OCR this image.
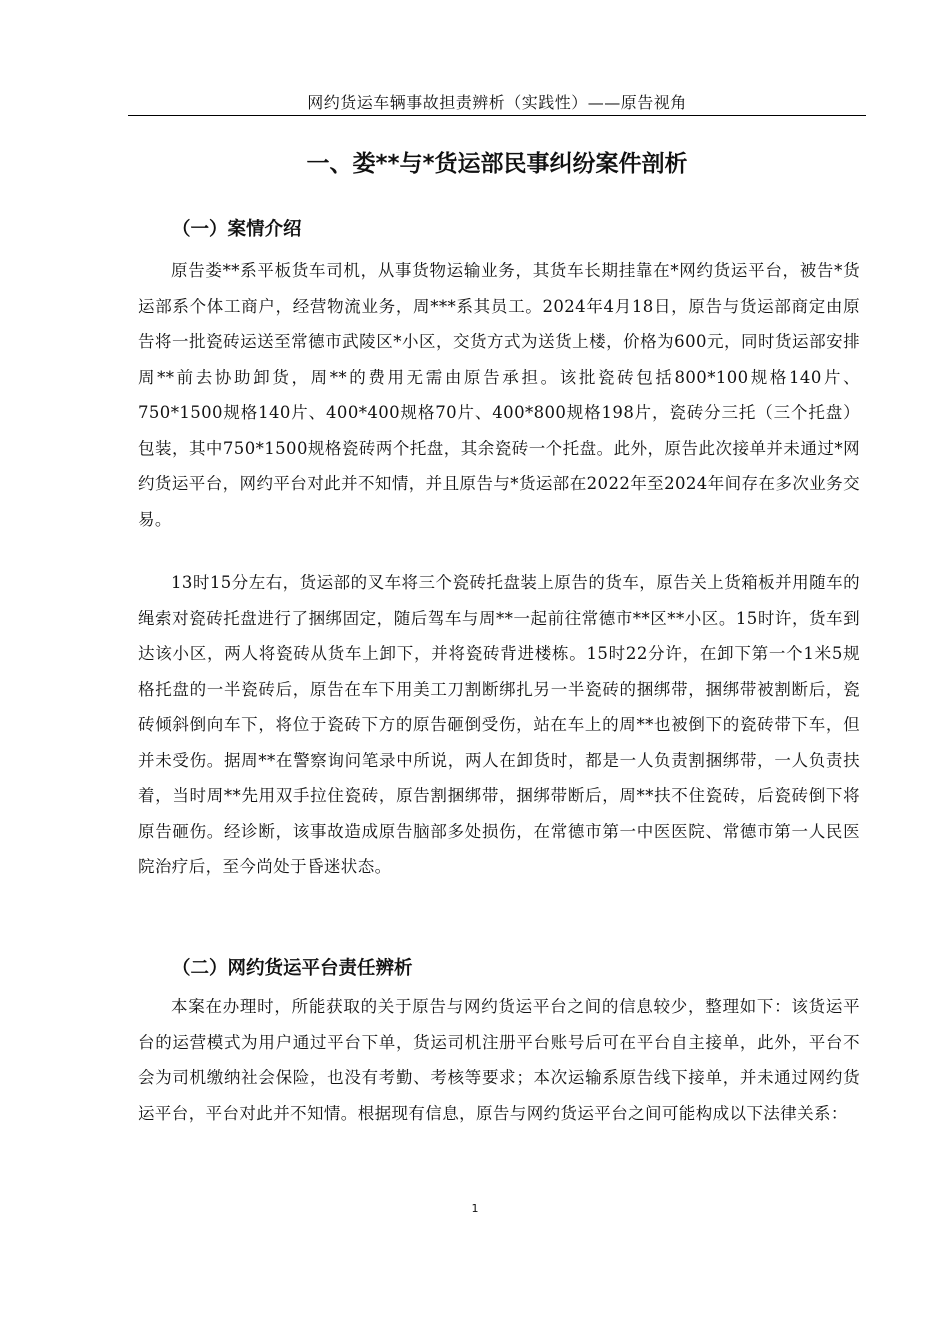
网约货运车辆事故担责辨析（实践性）——原告视角
一、娄**与*货运部民事纠纷案件剖析
（一）案情介绍

原告娄**系平板货车司机，从事货物运输业务，其货车长期挂靠在*网约货运平台，被告*货运部系个体工商户，经营物流业务，周***系其员工。2024年4月18日，原告与货运部商定由原告将一批瓷砖运送至常德市武陵区*小区，交货方式为送货上楼，价格为600元，同时货运部安排周**前去协助卸货，周**的费用无需由原告承担。该批瓷砖包括800*100规格140片、750*1500规格140片、400*400规格70片、400*800规格198片，瓷砖分三托（三个托盘）包装，其中750*1500规格瓷砖两个托盘，其余瓷砖一个托盘。此外，原告此次接单并未通过*网约货运平台，网约平台对此并不知情，并且原告与*货运部在2022年至2024年间存在多次业务交易。

13时15分左右，货运部的叉车将三个瓷砖托盘装上原告的货车，原告关上货箱板并用随车的绳索对瓷砖托盘进行了捆绑固定，随后驾车与周**一起前往常德市**区**小区。15时许，货车到达该小区，两人将瓷砖从货车上卸下，并将瓷砖背进楼栋。15时22分许，在卸下第一个1米5规格托盘的一半瓷砖后，原告在车下用美工刀割断绑扎另一半瓷砖的捆绑带，捆绑带被割断后，瓷砖倾斜倒向车下，将位于瓷砖下方的原告砸倒受伤，站在车上的周**也被倒下的瓷砖带下车，但并未受伤。据周**在警察询问笔录中所说，两人在卸货时，都是一人负责割捆绑带，一人负责扶着，当时周**先用双手拉住瓷砖，原告割捆绑带，捆绑带断后，周**扶不住瓷砖，后瓷砖倒下将原告砸伤。经诊断，该事故造成原告脑部多处损伤，在常德市第一中医医院、常德市第一人民医院治疗后，至今尚处于昏迷状态。

（二）网约货运平台责任辨析

本案在办理时，所能获取的关于原告与网约货运平台之间的信息较少，整理如下：该货运平台的运营模式为用户通过平台下单，货运司机注册平台账号后可在平台自主接单，此外，平台不会为司机缴纳社会保险，也没有考勤、考核等要求；本次运输系原告线下接单，并未通过网约货运平台，平台对此并不知情。根据现有信息，原告与网约货运平台之间可能构成以下法律关系：

1
